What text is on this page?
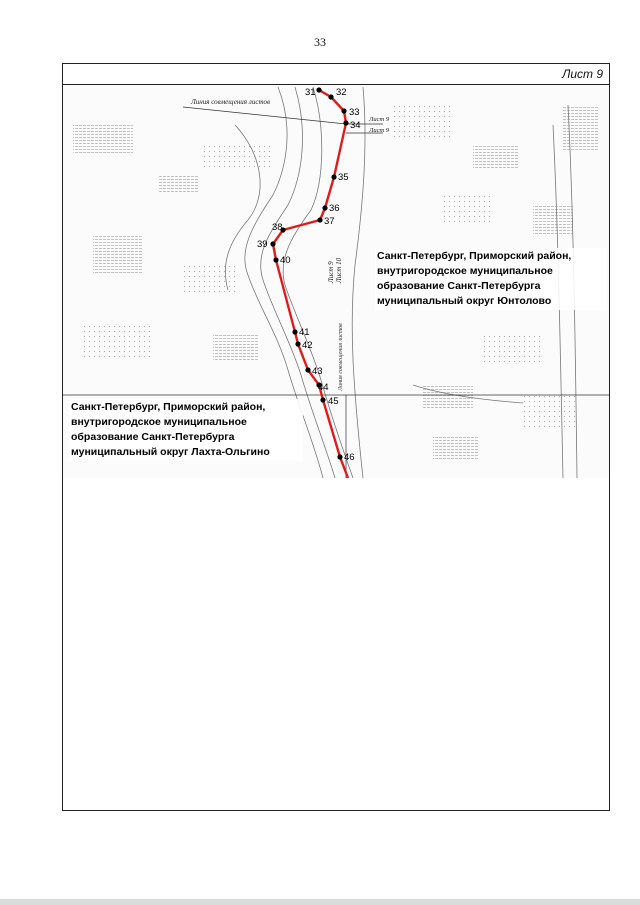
33
Лист 9
Линия совмещения листов
Лист 9
Лист 9
Лист 9 Лист 10
Линия совмещения листов
31 32
33
34
35
36
37
38
39
40
41
42
43
44
45
46
Санкт-Петербург, Приморский район, внутригородское муниципальное образование Санкт-Петербурга муниципальный округ Юнтолово
Санкт-Петербург, Приморский район, внутригородское муниципальное образование Санкт-Петербурга муниципальный округ Лахта-Ольгино
